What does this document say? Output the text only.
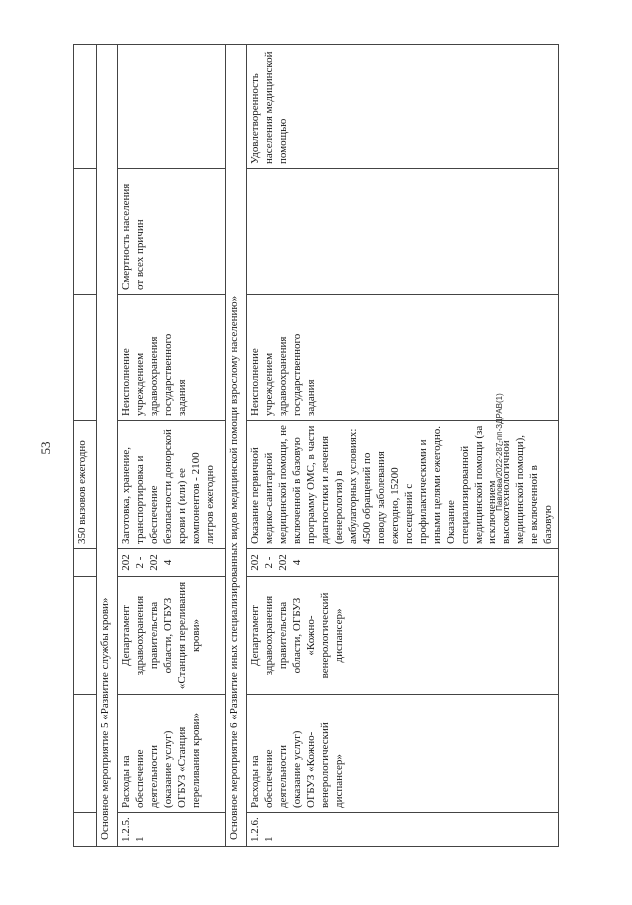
53	Павлова/2022-287-пп-ЗДРАВ(1)
				350 вызовов ежегодно			
Основное мероприятие 5 «Развитие службы крови»							
1.2.5.1	Расходы на обеспечение деятельности (оказание услуг) ОГБУЗ «Станция переливания крови»	Департамент здравоохранения правительства области, ОГБУЗ «Станция переливания крови»	2022 - 2024	Заготовка, хранение, транспортировка и обеспечение безопасности донорской крови и (или) ее компонентов - 2100 литров ежегодно	Неисполнение учреждением здравоохранения государственного задания	Смертность населения от всех причин	
Основное мероприятие 6 «Развитие иных специализированных видов медицинской помощи взрослому населению»							
1.2.6.1	Расходы на обеспечение деятельности (оказание услуг) ОГБУЗ «Кожно-венерологический диспансер»	Департамент здравоохранения правительства области, ОГБУЗ «Кожно-венерологический диспансер»	2022 - 2024	Оказание первичной медико-санитарной медицинской помощи, не включенной в базовую программу ОМС, в части диагностики и лечения (венерология) в амбулаторных условиях: 4500 обращений по поводу заболевания ежегодно, 15200 посещений с профилактическими и иными целями ежегодно. Оказание специализированной медицинской помощи (за исключением высокотехнологичной медицинской помощи), не включенной в базовую	Неисполнение учреждением здравоохранения государственного задания		Удовлетворенность населения медицинской помощью
